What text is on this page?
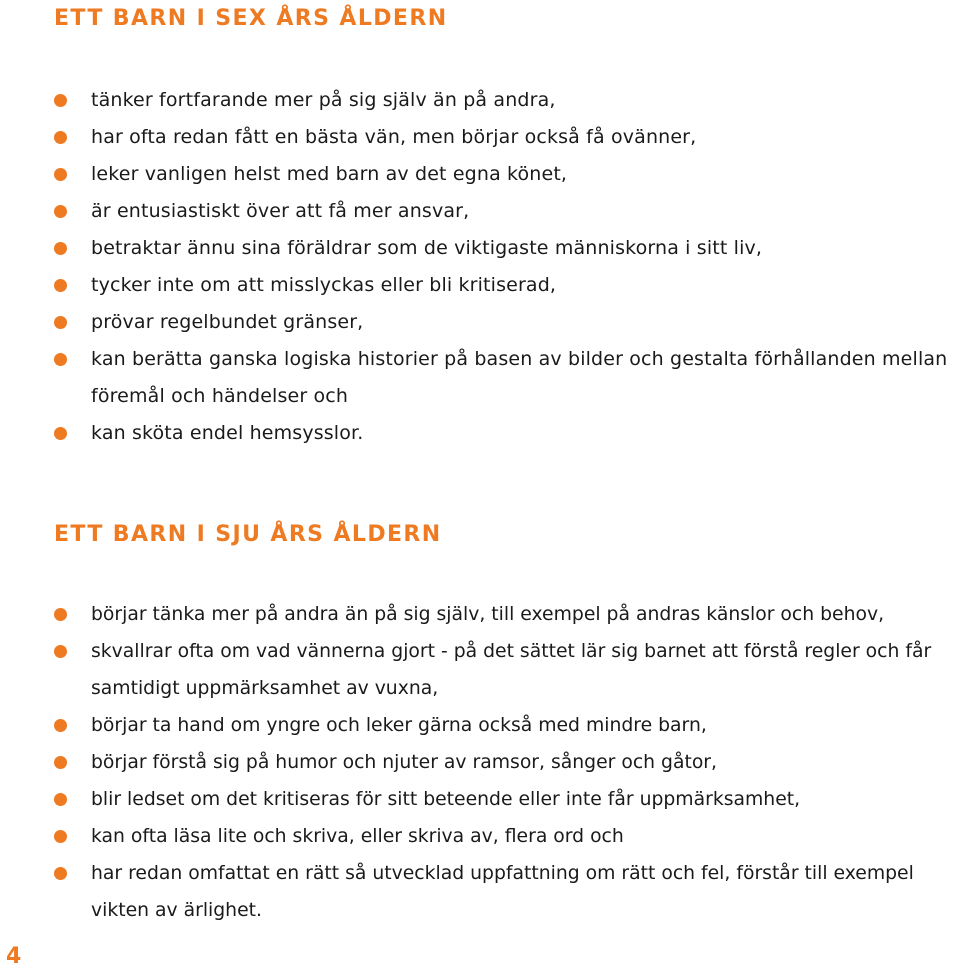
ETT BARN I SEX ÅRS ÅLDERN
tänker fortfarande mer på sig själv än på andra,
har ofta redan fått en bästa vän, men börjar också få ovänner,
leker vanligen helst med barn av det egna könet,
är entusiastiskt över att få mer ansvar,
betraktar ännu sina föräldrar som de viktigaste människorna i sitt liv,
tycker inte om att misslyckas eller bli kritiserad,
prövar regelbundet gränser,
kan berätta ganska logiska historier på basen av bilder och gestalta förhållanden mellan föremål och händelser och
kan sköta endel hemsysslor.
ETT BARN I SJU ÅRS ÅLDERN
börjar tänka mer på andra än på sig själv, till exempel på andras känslor och behov,
skvallrar ofta om vad vännerna gjort - på det sättet lär sig barnet att förstå regler och får samtidigt uppmärksamhet av vuxna,
börjar ta hand om yngre och leker gärna också med mindre barn,
börjar förstå sig på humor och njuter av ramsor, sånger och gåtor,
blir ledset om det kritiseras för sitt beteende eller inte får uppmärksamhet,
kan ofta läsa lite och skriva, eller skriva av, flera ord och
har redan omfattat en rätt så utvecklad uppfattning om rätt och fel, förstår till exempel vikten av ärlighet.
4
